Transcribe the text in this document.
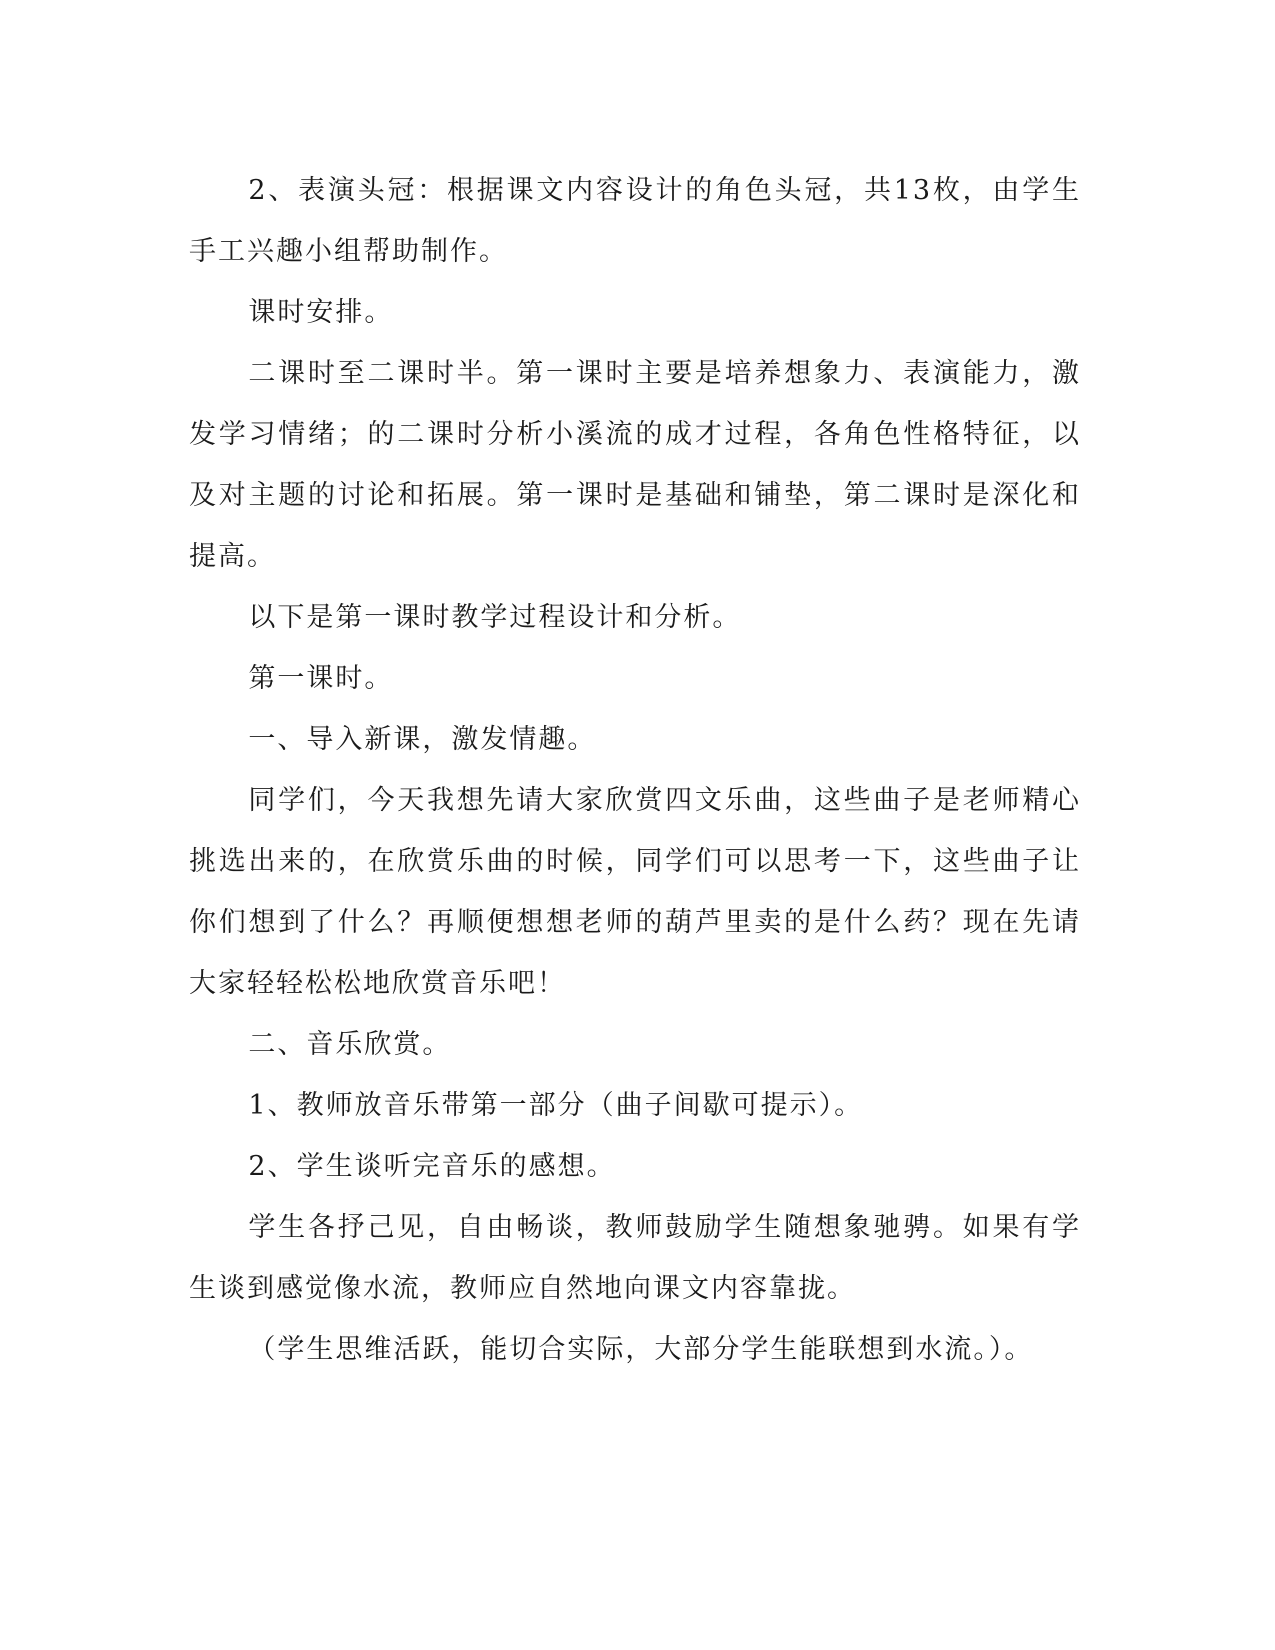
2、表演头冠：根据课文内容设计的角色头冠，共13枚，由学生手工兴趣小组帮助制作。

课时安排。

二课时至二课时半。第一课时主要是培养想象力、表演能力，激发学习情绪；的二课时分析小溪流的成才过程，各角色性格特征，以及对主题的讨论和拓展。第一课时是基础和铺垫，第二课时是深化和提高。

以下是第一课时教学过程设计和分析。

第一课时。

一、导入新课，激发情趣。

同学们，今天我想先请大家欣赏四文乐曲，这些曲子是老师精心挑选出来的，在欣赏乐曲的时候，同学们可以思考一下，这些曲子让你们想到了什么？再顺便想想老师的葫芦里卖的是什么药？现在先请大家轻轻松松地欣赏音乐吧！

二、音乐欣赏。

1、教师放音乐带第一部分（曲子间歇可提示）。

2、学生谈听完音乐的感想。

学生各抒己见，自由畅谈，教师鼓励学生随想象驰骋。如果有学生谈到感觉像水流，教师应自然地向课文内容靠拢。

（学生思维活跃，能切合实际，大部分学生能联想到水流。）。
